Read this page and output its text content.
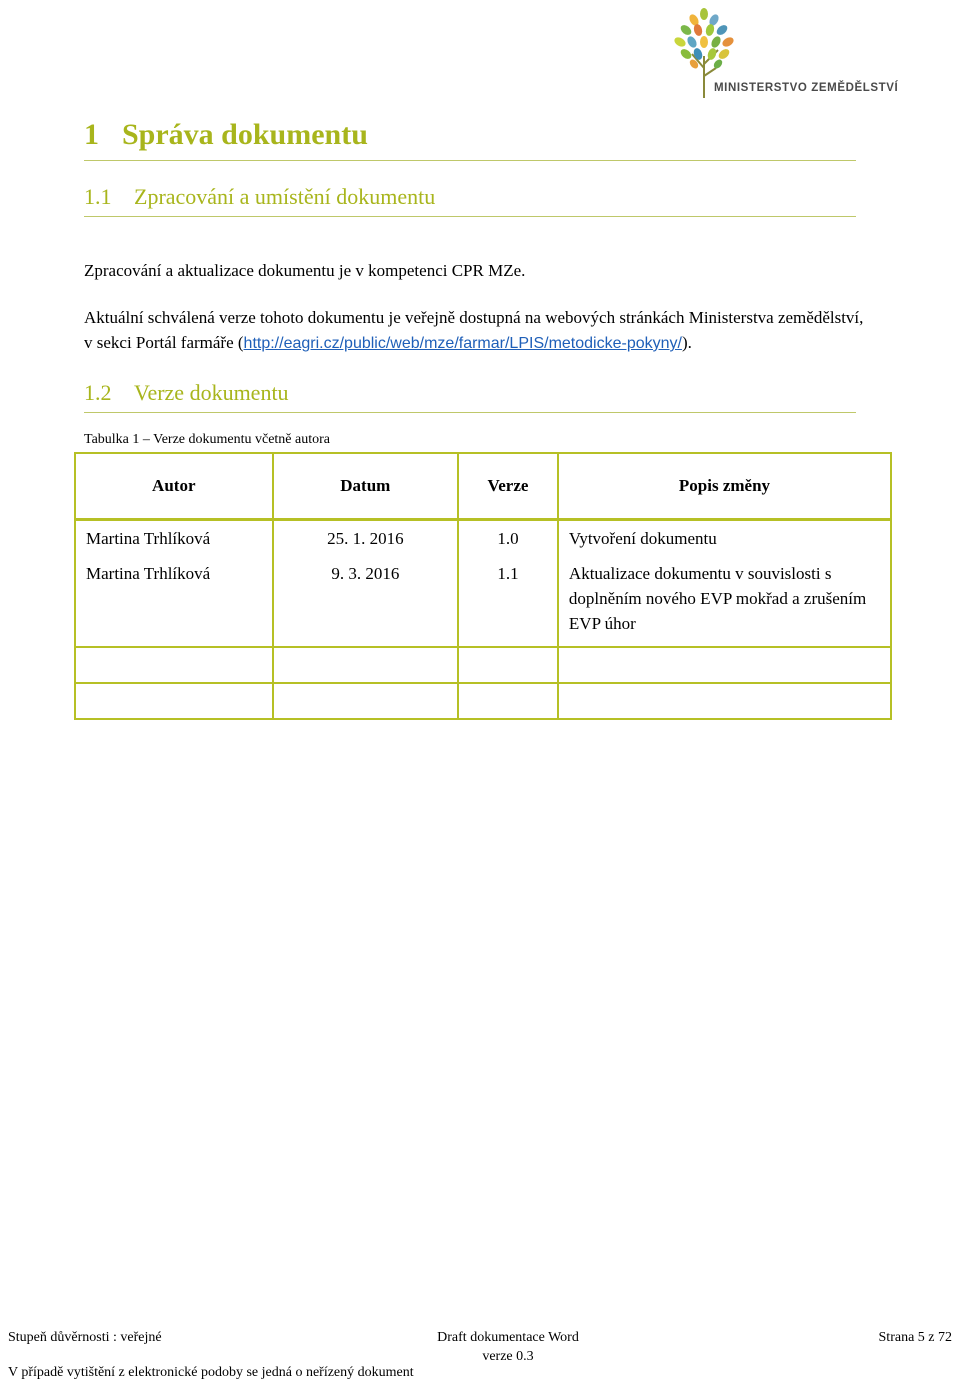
MINISTERSTVO ZEMĚDĚLSTVÍ
1 Správa dokumentu
1.1 Zpracování a umístění dokumentu

Zpracování a aktualizace dokumentu je v kompetenci CPR MZe.

Aktuální schválená verze tohoto dokumentu je veřejně dostupná na webových stránkách Ministerstva zemědělství, v sekci Portál farmáře (http://eagri.cz/public/web/mze/farmar/LPIS/metodicke-pokyny/).

1.2 Verze dokumentu

Tabulka 1 – Verze dokumentu včetně autora

Autor	Datum	Verze	Popis změny
Martina Trhlíková	25. 1. 2016	1.0	Vytvoření dokumentu
Martina Trhlíková	9. 3. 2016	1.1	Aktualizace dokumentu v souvislosti s doplněním nového EVP mokřad a zrušením EVP úhor

Stupeň důvěrnosti : veřejné	Draft dokumentace Word	Strana 5 z 72
verze 0.3
V případě vytištění z elektronické podoby se jedná o neřízený dokument
